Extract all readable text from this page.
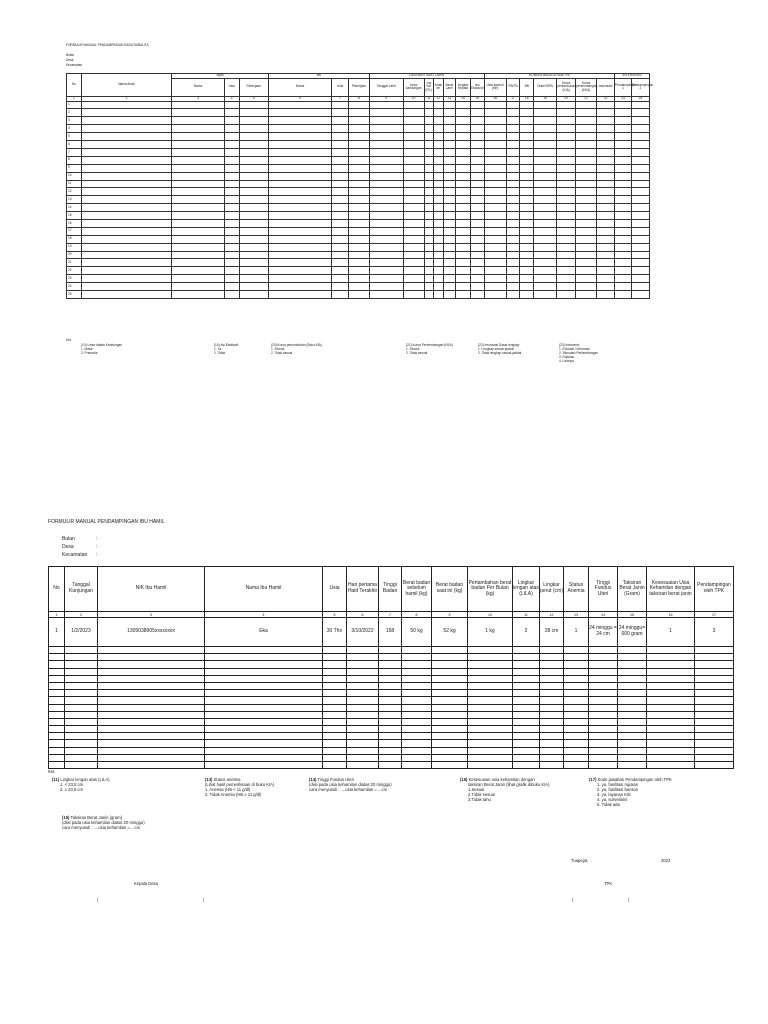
FORMULIR MANUAL PENDAMPINGAN BADUTA/BALITA
Bulan
Desa
Kecamatan
No	Nama Anak	Ayah			Ibu			DATA BAYI SAAT LAHIR							KONDISI BADUTA SAAT INI							INTERVENSI	
		Nama	Usia	Pekerjaan	Nama	Usia	Pekerjaan	Tanggal Lahir	Umur kandungan	Jns Kel (P/L)	Anak ke	Berat Lahir	Lingkar Kepala	Asi Eksklusif	Usia saat ini (bln)	PB/TB	BB	Diare/ISPA	Kurva pertumbuhan (KIA)	Kurva perkembangan (KKA)	Imunisasi	Pendampingan 1	Pendampingan 2
1	2	3	4	5	6	7	8	9	10	11	12	13	14	15	16	17	18	19	20	21	22	23	24
1																							
2																							
3																							
4																							
5																							
6																							
7																							
8																							
9																							
10																							
11																							
12																							
13																							
14																							
15																							
16																							
17																							
18																							
19																							
20																							
21																							
22																							
23																							
24																							
25																							
Ket.
(10) Umur dalam Kandungan
1. Matur
2. Prematur
(15) Asi Eksklusif
1. Ya
2. Tidak
(20) Kurva pertumbuhan (Buku KIA)
1. Sesuai
2. Tidak sesuai
(21) Kurva Perkembangan (KKA)
1. Sesuai
2. Tidak sesuai
(22) Imunisasi Dasar lengkap
1. Lengkap sesuai jadwal
2. Tidak lengkap sesuai jadwal
(23) Intervensi
1. Edukasi / Informasi
2. Stimulasi Perkembangan
3. Rujukan
4. Lainnya
FORMULIR MANUAL PENDAMPINGAN IBU HAMIL
Bulan	:
Desa	:
Kecamatan :
No	Tanggal Kunjungan	NIK Ibu Hamil	Nama Ibu Hamil	Usia	Hari pertama Haid Terakhir	Tinggi Badan	Berat badan sebelum hamil (kg)	Berat badan saat ini (kg)	Pertambahan berat badan Per Bulan (kg)	Lingkar lengan atas (LILA)	Lingkar perut (cm)	Status Anemia	Tinggi Fundus Uteri	Taksiran Berat Janin (Gram)	Kesesuaian Usia Kehamilan dengan taksiran berat janin	Pendampingan oleh TPK
1	2	3	4	5	6	7	8	9	10	11	12	13	14	15	16	17
1	1/2/2023	1309038905xxxxxxxx	Eka	30 Thn	3/10/2022	158	50 kg	52 kg	1 kg	2	28 cm	1	24 minggu = 24 cm	24 minggu= 600 gram	1	3

Ket.
(11) Lingkar lengan atas (LILA)
1. < 23,5 cm
2. ≥ 23,5 cm
(13) Status anemia
(Lihat hasil pemeriksaan di buku KIA)
1. Anemia (HB < 11 g/dl)
2. Tidak Anemia (HB ≥ 11 g/dl)
(14) Tinggi Fundus Uteri
(diisi pada usia kehamilan diatas 20 minggu)
cara menyusuli : ....usia kehamilan =....cm
(16) Kesesuaian usia kehamilan dengan
taksiran Berat Janin (lihat grafik dibuku KIA)
1.Sesuai
2.Tidak sesuai
3.Tidak tahu
(17) Kode jawaban Pendampingan oleh TPK
1. ya, fasilitasi rujukan
2. ya, fasilitasi bansos
3. ya, layanan KIE
4. ya, surveilans
5. Tidak ada
(15) Taksiran Berat Janin (gram)
(diisi pada usia kehamilan diatas 20 minggu)
cara menyusuli : ....usia kehamilan =....cm
Tuapejat,	2023
Kepala Desa	TPK
(	)	(	)
